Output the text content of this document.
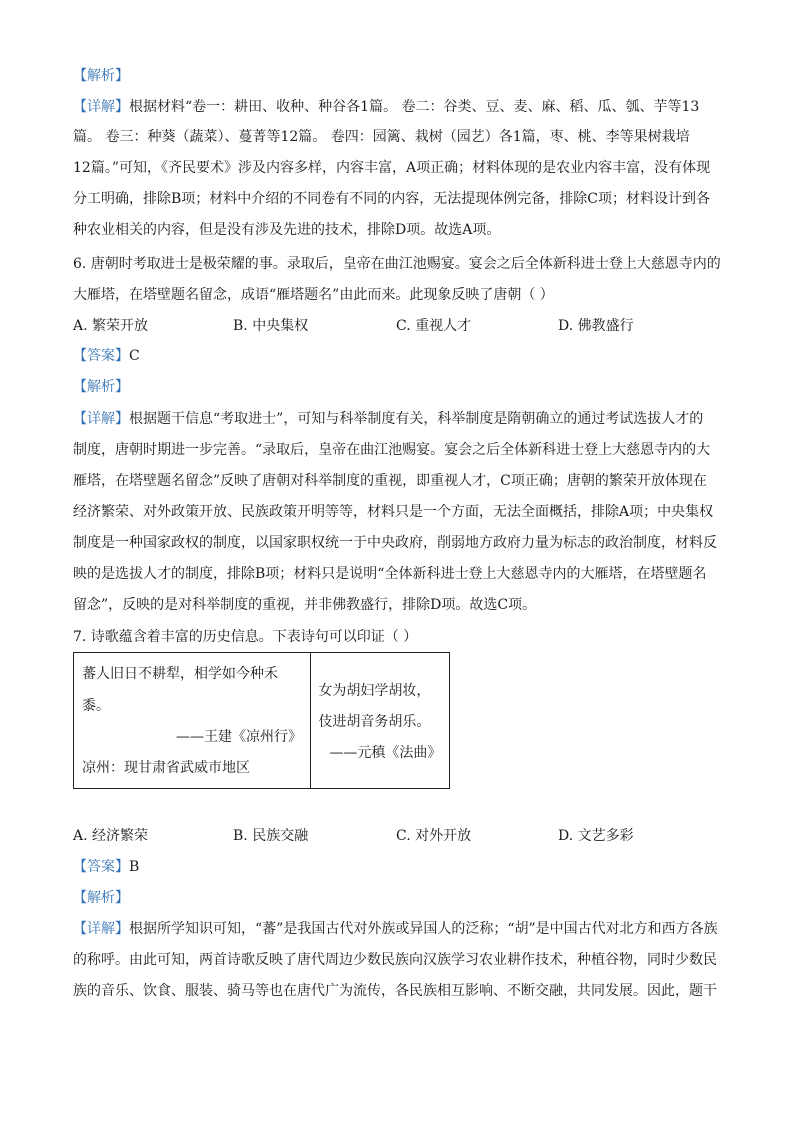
【解析】
【详解】根据材料“卷一：耕田、收种、种谷各1篇。 卷二：谷类、豆、麦、麻、稻、瓜、瓠、芋等13
篇。 卷三：种葵（蔬菜）、蔓菁等12篇。 卷四：园篱、栽树（园艺）各1篇，枣、桃、李等果树栽培
12篇。”可知，《齐民要术》涉及内容多样，内容丰富，A项正确；材料体现的是农业内容丰富，没有体现
分工明确，排除B项；材料中介绍的不同卷有不同的内容，无法提现体例完备，排除C项；材料设计到各
种农业相关的内容，但是没有涉及先进的技术，排除D项。故选A项。
6. 唐朝时考取进士是极荣耀的事。录取后，皇帝在曲江池赐宴。宴会之后全体新科进士登上大慈恩寺内的
大雁塔，在塔壁题名留念，成语“雁塔题名”由此而来。此现象反映了唐朝（ ）
A. 繁荣开放	B. 中央集权	C. 重视人才	D. 佛教盛行
【答案】C
【解析】
【详解】根据题干信息“考取进士”，可知与科举制度有关，科举制度是隋朝确立的通过考试选拔人才的
制度，唐朝时期进一步完善。“录取后，皇帝在曲江池赐宴。宴会之后全体新科进士登上大慈恩寺内的大
雁塔，在塔壁题名留念”反映了唐朝对科举制度的重视，即重视人才，C项正确；唐朝的繁荣开放体现在
经济繁荣、对外政策开放、民族政策开明等等，材料只是一个方面，无法全面概括，排除A项；中央集权
制度是一种国家政权的制度，以国家职权统一于中央政府，削弱地方政府力量为标志的政治制度，材料反
映的是选拔人才的制度，排除B项；材料只是说明“全体新科进士登上大慈恩寺内的大雁塔，在塔壁题名
留念”，反映的是对科举制度的重视，并非佛教盛行，排除D项。故选C项。
7. 诗歌蕴含着丰富的历史信息。下表诗句可以印证（ ）
蕃人旧日不耕犁，相学如今种禾
黍。
——王建《凉州行》
凉州：现甘肃省武威市地区

女为胡妇学胡妆，
伎进胡音务胡乐。
——元稹《法曲》
A. 经济繁荣	B. 民族交融	C. 对外开放	D. 文艺多彩
【答案】B
【解析】
【详解】根据所学知识可知，“蕃”是我国古代对外族或异国人的泛称；“胡”是中国古代对北方和西方各族
的称呼。由此可知，两首诗歌反映了唐代周边少数民族向汉族学习农业耕作技术，种植谷物，同时少数民
族的音乐、饮食、服装、骑马等也在唐代广为流传，各民族相互影响、不断交融，共同发展。因此，题干
